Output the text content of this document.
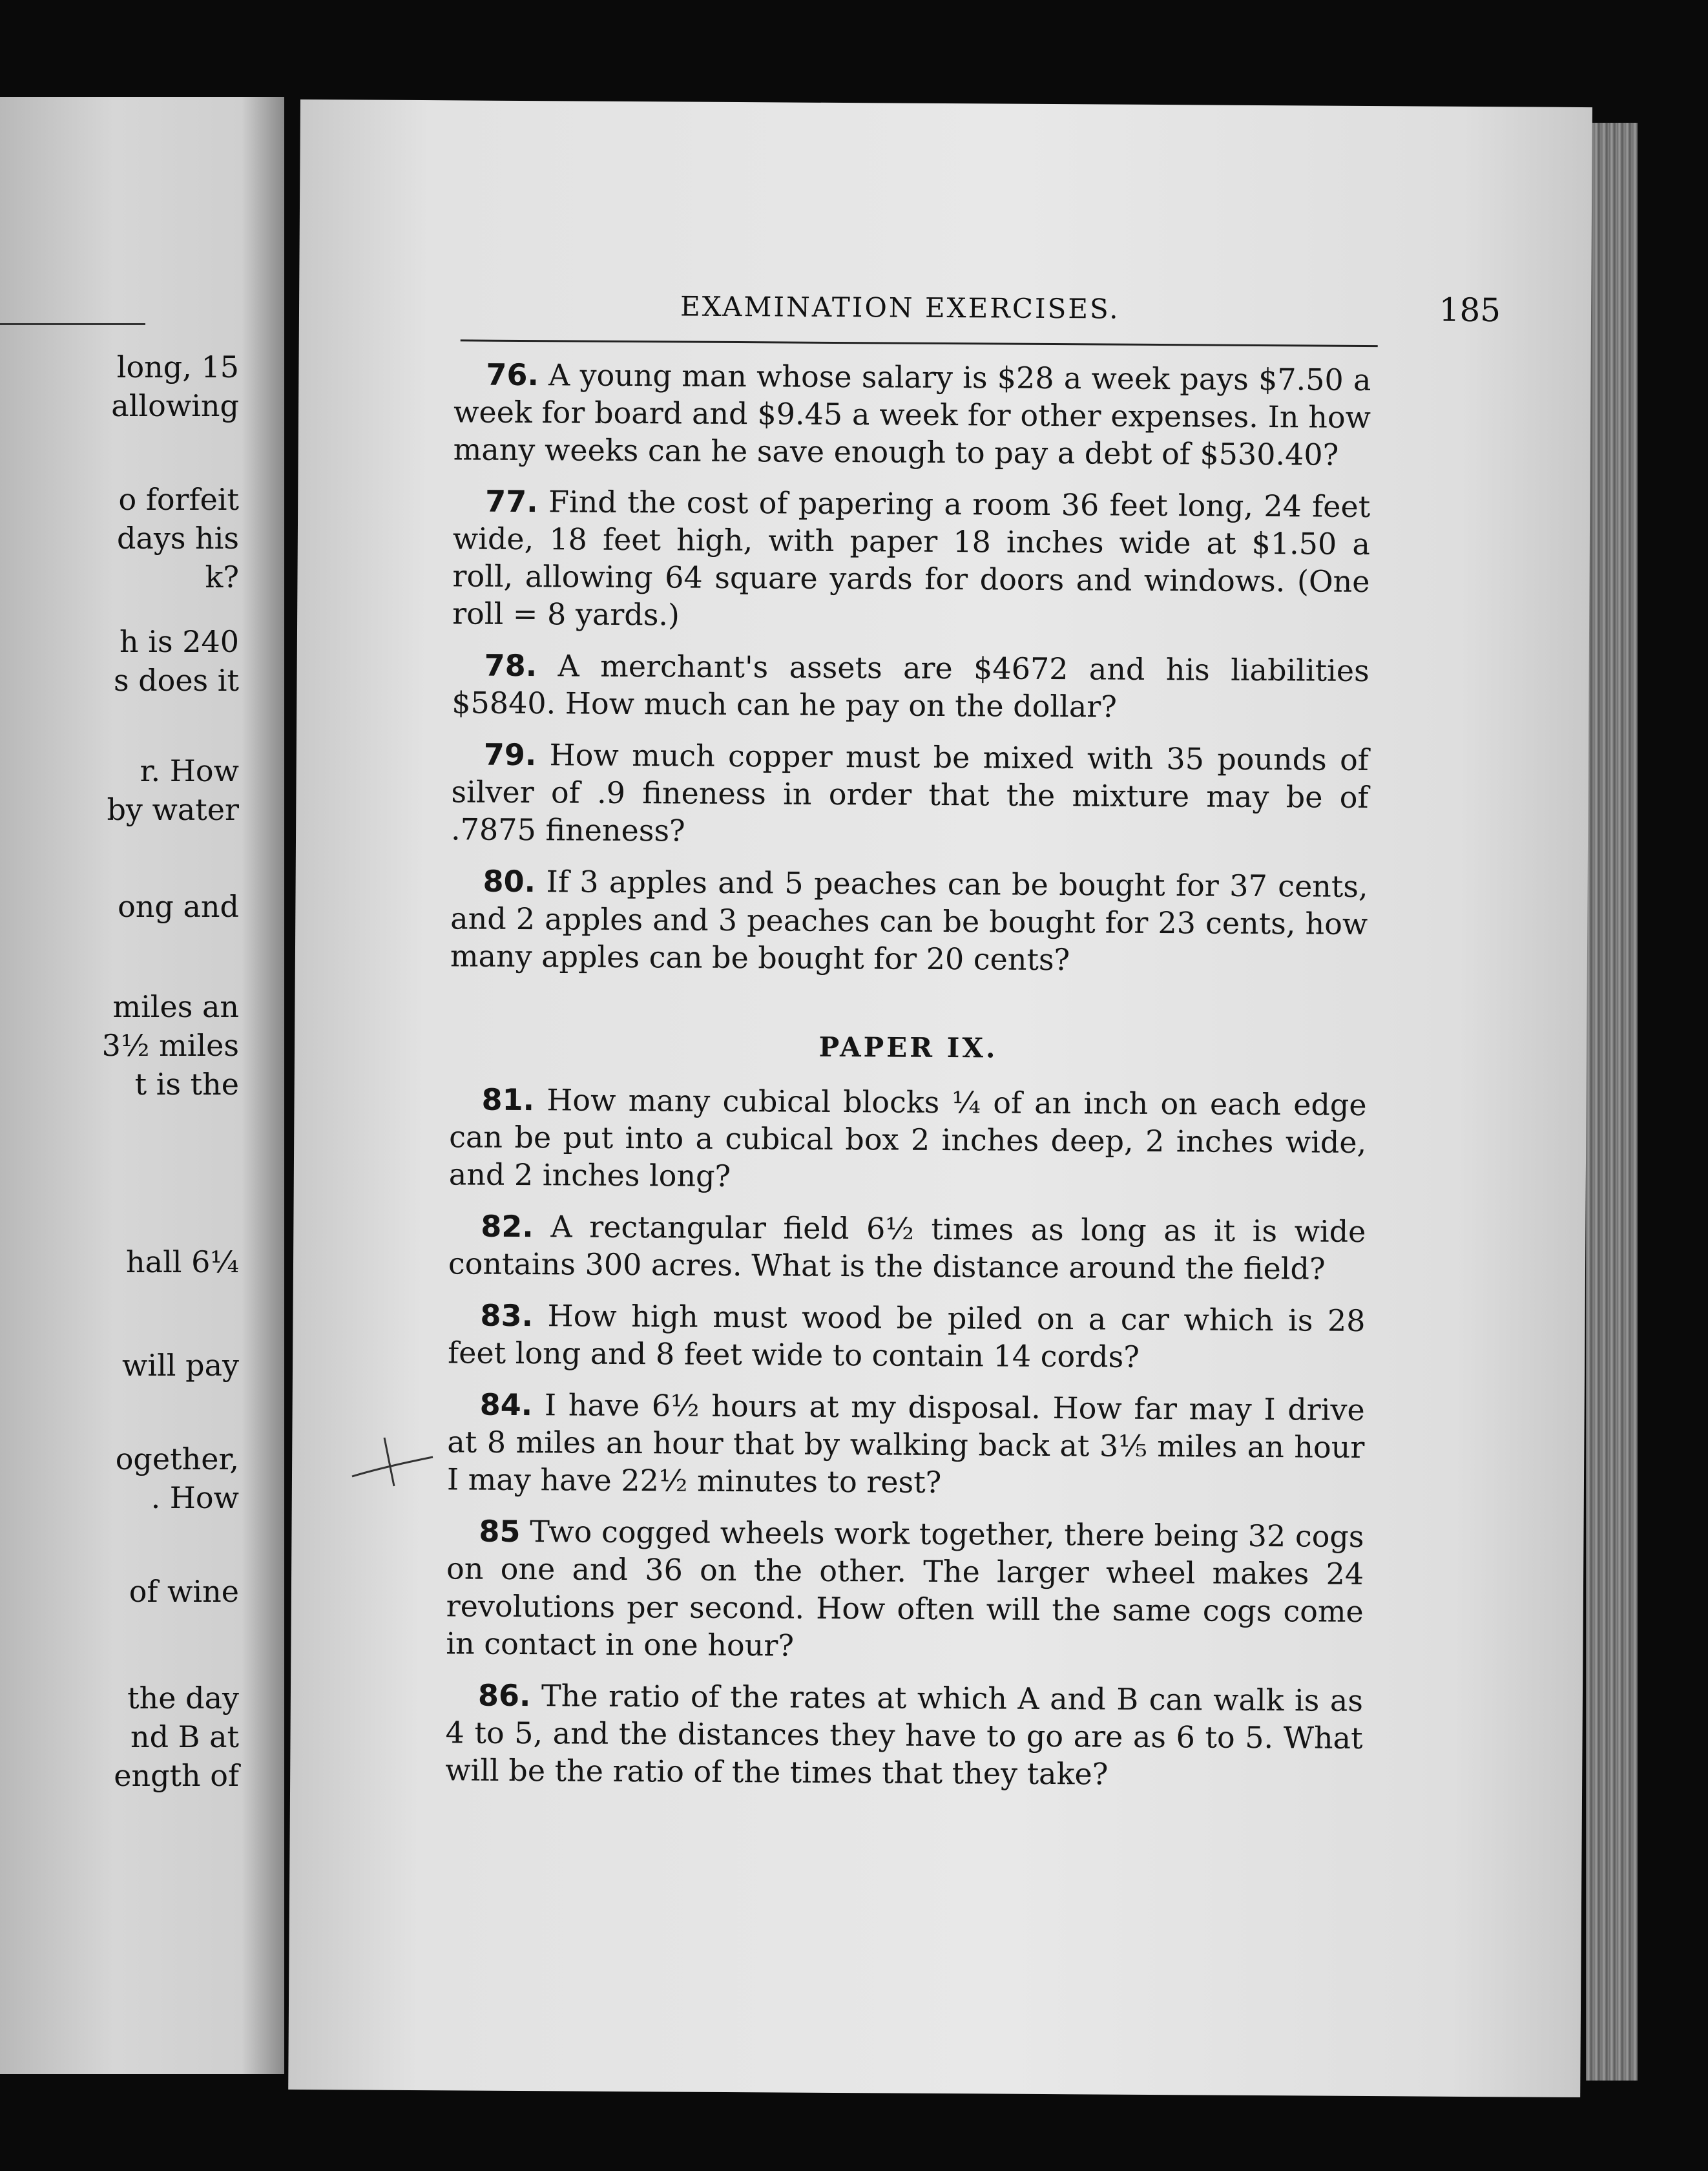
long, 15
allowing
o forfeit
days his
k?
h is 240
s does it
r. How
by water
ong and
miles an
3½ miles
t is the
hall 6¼
will pay
ogether,
. How
of wine
the day
nd B at
ength of
EXAMINATION EXERCISES.	185
76. A young man whose salary is $28 a week pays $7.50 a week for board and $9.45 a week for other expenses. In how many weeks can he save enough to pay a debt of $530.40?
77. Find the cost of papering a room 36 feet long, 24 feet wide, 18 feet high, with paper 18 inches wide at $1.50 a roll, allowing 64 square yards for doors and windows. (One roll = 8 yards.)
78. A merchant's assets are $4672 and his liabilities $5840. How much can he pay on the dollar?
79. How much copper must be mixed with 35 pounds of silver of .9 fineness in order that the mixture may be of .7875 fineness?
80. If 3 apples and 5 peaches can be bought for 37 cents, and 2 apples and 3 peaches can be bought for 23 cents, how many apples can be bought for 20 cents?
PAPER IX.
81. How many cubical blocks ¼ of an inch on each edge can be put into a cubical box 2 inches deep, 2 inches wide, and 2 inches long?
82. A rectangular field 6½ times as long as it is wide contains 300 acres. What is the distance around the field?
83. How high must wood be piled on a car which is 28 feet long and 8 feet wide to contain 14 cords?
84. I have 6½ hours at my disposal. How far may I drive at 8 miles an hour that by walking back at 3⅕ miles an hour I may have 22½ minutes to rest?
85 Two cogged wheels work together, there being 32 cogs on one and 36 on the other. The larger wheel makes 24 revolutions per second. How often will the same cogs come in contact in one hour?
86. The ratio of the rates at which A and B can walk is as 4 to 5, and the distances they have to go are as 6 to 5. What will be the ratio of the times that they take?
